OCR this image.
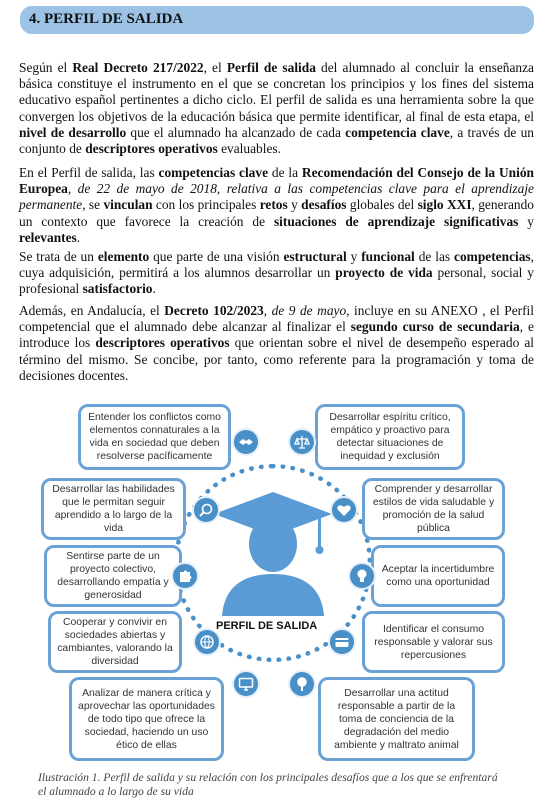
4. PERFIL DE SALIDA

Según el Real Decreto 217/2022, el Perfil de salida del alumnado al concluir la enseñanza básica constituye el instrumento en el que se concretan los principios y los fines del sistema educativo español pertinentes a dicho ciclo. El perfil de salida es una herramienta sobre la que convergen los objetivos de la educación básica que permite identificar, al final de esta etapa, el nivel de desarrollo que el alumnado ha alcanzado de cada competencia clave, a través de un conjunto de descriptores operativos evaluables.

En el Perfil de salida, las competencias clave de la Recomendación del Consejo de la Unión Europea, de 22 de mayo de 2018, relativa a las competencias clave para el aprendizaje permanente, se vinculan con los principales retos y desafíos globales del siglo XXI, generando un contexto que favorece la creación de situaciones de aprendizaje significativas y relevantes.

Se trata de un elemento que parte de una visión estructural y funcional de las competencias, cuya adquisición, permitirá a los alumnos desarrollar un proyecto de vida personal, social y profesional satisfactorio.

Además, en Andalucía, el Decreto 102/2023, de 9 de mayo, incluye en su ANEXO , el Perfil competencial que el alumnado debe alcanzar al finalizar el segundo curso de secundaria, e introduce los descriptores operativos que orientan sobre el nivel de desempeño esperado al término del mismo. Se concibe, por tanto, como referente para la programación y toma de decisiones docentes.

PERFIL DE SALIDA
Entender los conflictos como elementos connaturales a la vida en sociedad que deben resolverse pacíficamente
Desarrollar espíritu crítico, empático y proactivo para detectar situaciones de inequidad y exclusión
Desarrollar las habilidades que le permitan seguir aprendido a lo largo de la vida
Comprender y desarrollar estilos de vida saludable y promoción de la salud pública
Sentirse parte de un proyecto colectivo, desarrollando empatía y generosidad
Aceptar la incertidumbre como una oportunidad
Cooperar y convivir en sociedades abiertas y cambiantes, valorando la diversidad
Identificar el consumo responsable y valorar sus repercusiones
Analizar de manera crítica y aprovechar las oportunidades de todo tipo que ofrece la sociedad, haciendo un uso ético de ellas
Desarrollar una actitud responsable a partir de la toma de conciencia de la degradación del medio ambiente y maltrato animal

Ilustración 1. Perfil de salida y su relación con los principales desafíos que a los que se enfrentará el alumnado a lo largo de su vida
